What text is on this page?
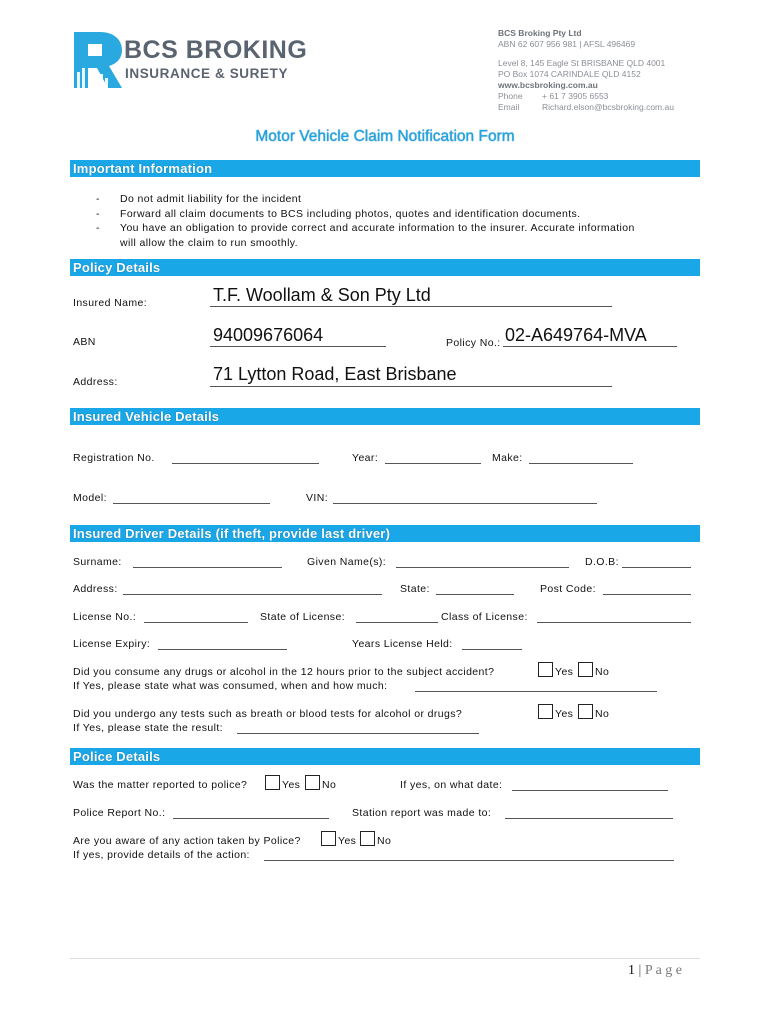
BCS BROKING
INSURANCE & SURETY
BCS Broking Pty Ltd
ABN 62 607 956 981 | AFSL 496469
Level 8, 145 Eagle St BRISBANE QLD 4001
PO Box 1074 CARINDALE QLD 4152
www.bcsbroking.com.au
Phone + 61 7 3905 6553
Email	Richard.elson@bcsbroking.com.au
Motor Vehicle Claim Notification Form
Important Information
- Do not admit liability for the incident
- Forward all claim documents to BCS including photos, quotes and identification documents.
- You have an obligation to provide correct and accurate information to the insurer. Accurate information
will allow the claim to run smoothly.
Policy Details
Insured Name:	T.F. Woollam & Son Pty Ltd
ABN	94009676064	Policy No.: 02-A649764-MVA
Address:	71 Lytton Road, East Brisbane
Insured Vehicle Details
Registration No.	Year:	Make:
Model:	VIN:
Insured Driver Details (if theft, provide last driver)
Surname:	Given Name(s):	D.O.B:
Address:	State:	Post Code:
License No.:	State of License:	Class of License:
License Expiry:	Years License Held:
Did you consume any drugs or alcohol in the 12 hours prior to the subject accident?	Yes No
If Yes, please state what was consumed, when and how much:
Did you undergo any tests such as breath or blood tests for alcohol or drugs?	Yes No
If Yes, please state the result:
Police Details
Was the matter reported to police?	Yes No	If yes, on what date:
Police Report No.:	Station report was made to:
Are you aware of any action taken by Police?	Yes No
If yes, provide details of the action:
1 | P a g e
